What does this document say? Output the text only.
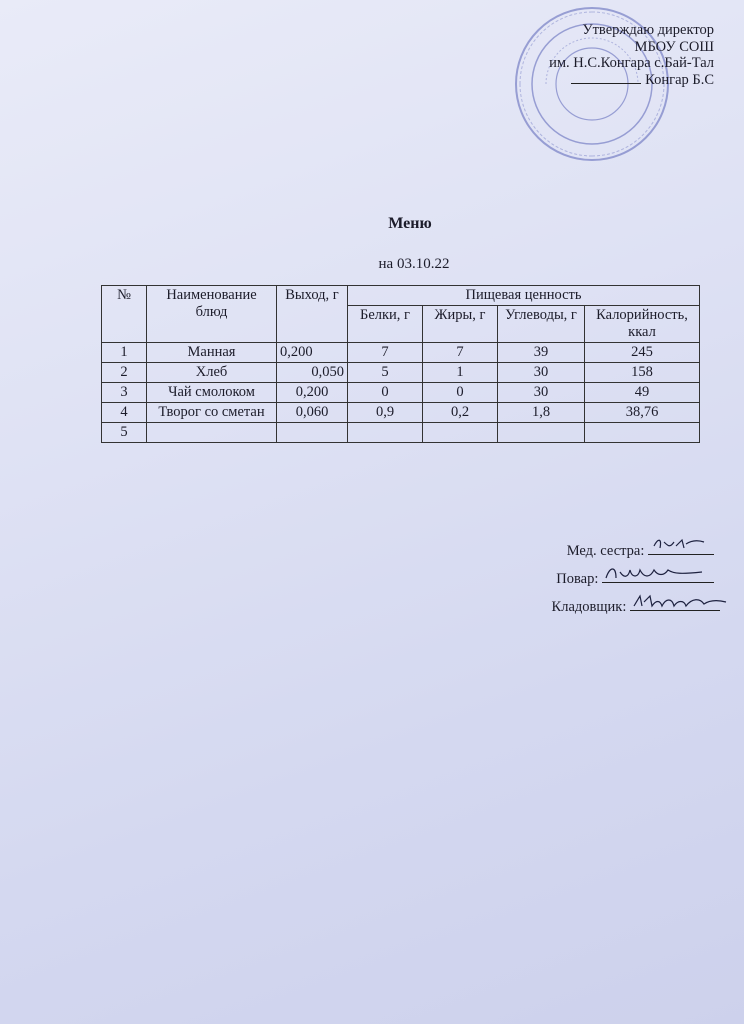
Утверждаю директор
МБОУ СОШ
им. Н.С.Конгара с.Бай-Тал
Конгар Б.С
Меню
на 03.10.22
№	Наименование блюд	Выход, г	Пищевая ценность			
			Белки, г	Жиры, г	Углеводы, г	Калорийность, ккал
1	Манная	0,200	7	7	39	245
2	Хлеб	0,050	5	1	30	158
3	Чай смолоком	0,200	0	0	30	49
4	Творог со сметан	0,060	0,9	0,2	1,8	38,76
5						
Мед. сестра:
Повар:
Кладовщик:
